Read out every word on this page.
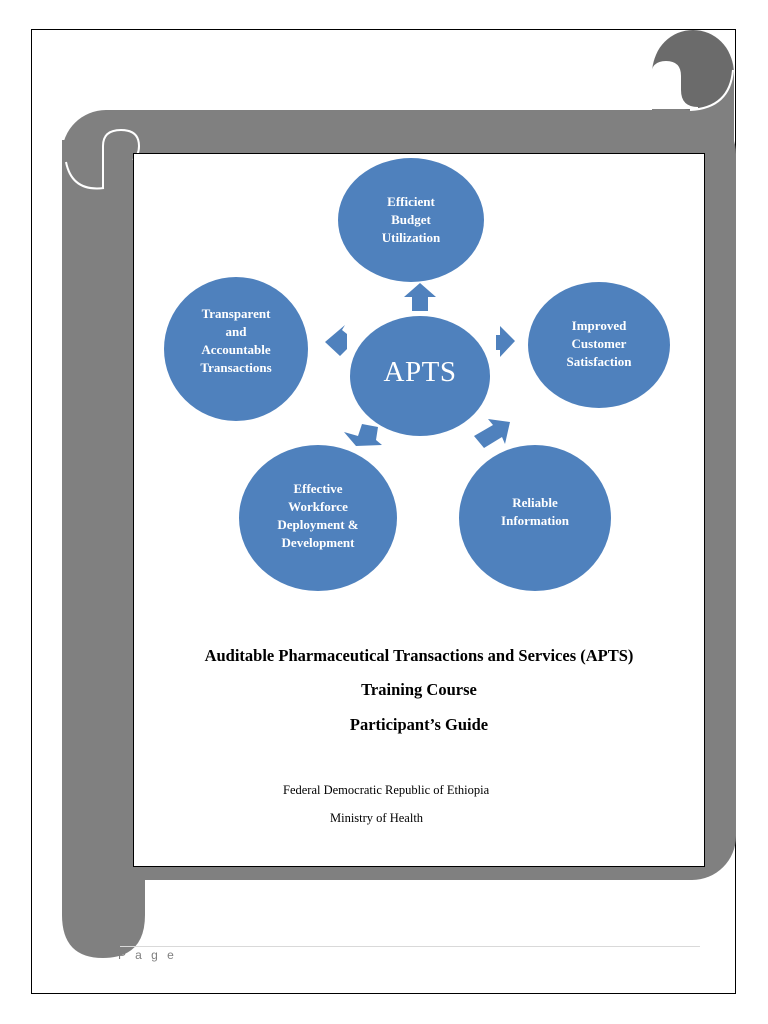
Efficient
Budget
Utilization
Improved
Customer
Satisfaction
Reliable
Information
Effective
Workforce
Deployment &
Development
Transparent
and
Accountable
Transactions	APTS
Auditable Pharmaceutical Transactions and Services (APTS)
Training Course
Participant’s Guide
Federal Democratic Republic of Ethiopia
Ministry of Health
P a g e
